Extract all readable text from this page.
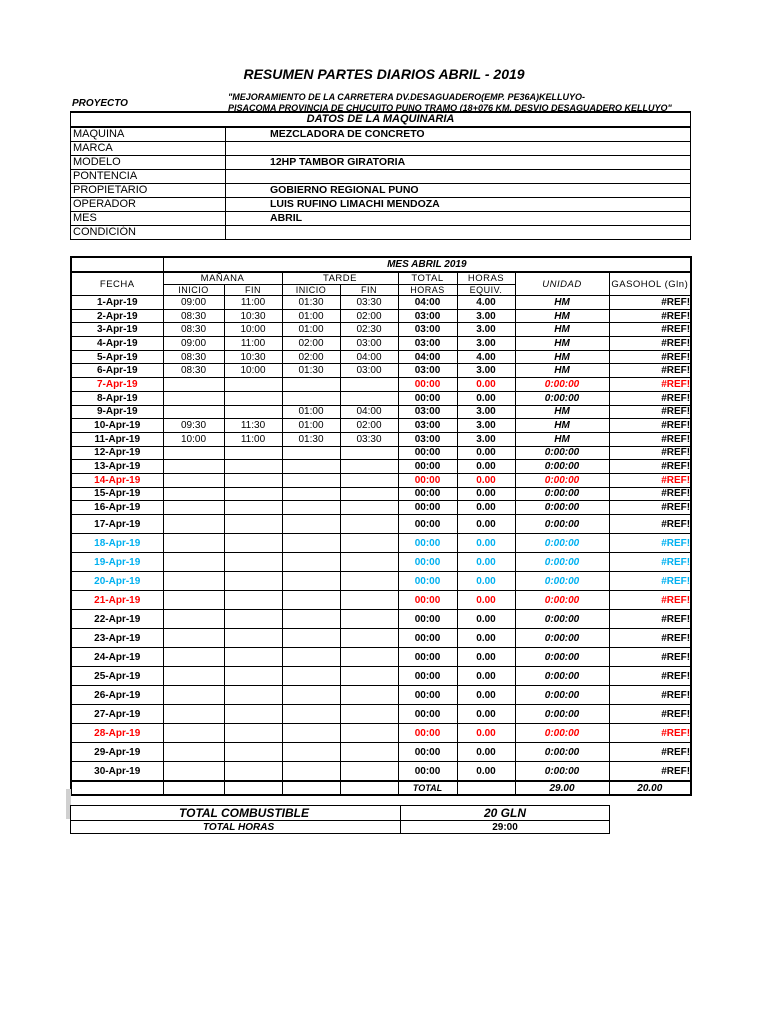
RESUMEN PARTES DIARIOS ABRIL - 2019
PROYECTO
"MEJORAMIENTO DE LA CARRETERA DV.DESAGUADERO(EMP. PE36A)KELLUYO-
PISACOMA PROVINCIA DE CHUCUITO PUNO TRAMO (18+076 KM. DESVIO DESAGUADERO KELLUYO"
DATOS DE LA MAQUINARIA	
MAQUINA	MEZCLADORA DE CONCRETO
MARCA	
MODELO	12HP TAMBOR GIRATORIA
PONTENCIA	
PROPIETARIO	GOBIERNO REGIONAL PUNO
OPERADOR	LUIS RUFINO LIMACHI MENDOZA
MES	ABRIL
CONDICIÓN	
	MES ABRIL 2019							
FECHA	MAÑANA		TARDE		TOTAL	HORAS	UNIDAD	GASOHOL (Gln)
	INICIO	FIN	INICIO	FIN	HORAS	EQUIV.		
1-Apr-19	09:00	11:00	01:30	03:30	04:00	4.00	HM	#REF!
2-Apr-19	08:30	10:30	01:00	02:00	03:00	3.00	HM	#REF!
3-Apr-19	08:30	10:00	01:00	02:30	03:00	3.00	HM	#REF!
4-Apr-19	09:00	11:00	02:00	03:00	03:00	3.00	HM	#REF!
5-Apr-19	08:30	10:30	02:00	04:00	04:00	4.00	HM	#REF!
6-Apr-19	08:30	10:00	01:30	03:00	03:00	3.00	HM	#REF!
7-Apr-19					00:00	0.00	0:00:00	#REF!
8-Apr-19					00:00	0.00	0:00:00	#REF!
9-Apr-19			01:00	04:00	03:00	3.00	HM	#REF!
10-Apr-19	09:30	11:30	01:00	02:00	03:00	3.00	HM	#REF!
11-Apr-19	10:00	11:00	01:30	03:30	03:00	3.00	HM	#REF!
12-Apr-19					00:00	0.00	0:00:00	#REF!
13-Apr-19					00:00	0.00	0:00:00	#REF!
14-Apr-19					00:00	0.00	0:00:00	#REF!
15-Apr-19					00:00	0.00	0:00:00	#REF!
16-Apr-19					00:00	0.00	0:00:00	#REF!
17-Apr-19					00:00	0.00	0:00:00	#REF!
18-Apr-19					00:00	0.00	0:00:00	#REF!
19-Apr-19					00:00	0.00	0:00:00	#REF!
20-Apr-19					00:00	0.00	0:00:00	#REF!
21-Apr-19					00:00	0.00	0:00:00	#REF!
22-Apr-19					00:00	0.00	0:00:00	#REF!
23-Apr-19					00:00	0.00	0:00:00	#REF!
24-Apr-19					00:00	0.00	0:00:00	#REF!
25-Apr-19					00:00	0.00	0:00:00	#REF!
26-Apr-19					00:00	0.00	0:00:00	#REF!
27-Apr-19					00:00	0.00	0:00:00	#REF!
28-Apr-19					00:00	0.00	0:00:00	#REF!
29-Apr-19					00:00	0.00	0:00:00	#REF!
30-Apr-19					00:00	0.00	0:00:00	#REF!
					TOTAL		29.00	20.00
TOTAL COMBUSTIBLE	20 GLN
TOTAL HORAS	29:00
